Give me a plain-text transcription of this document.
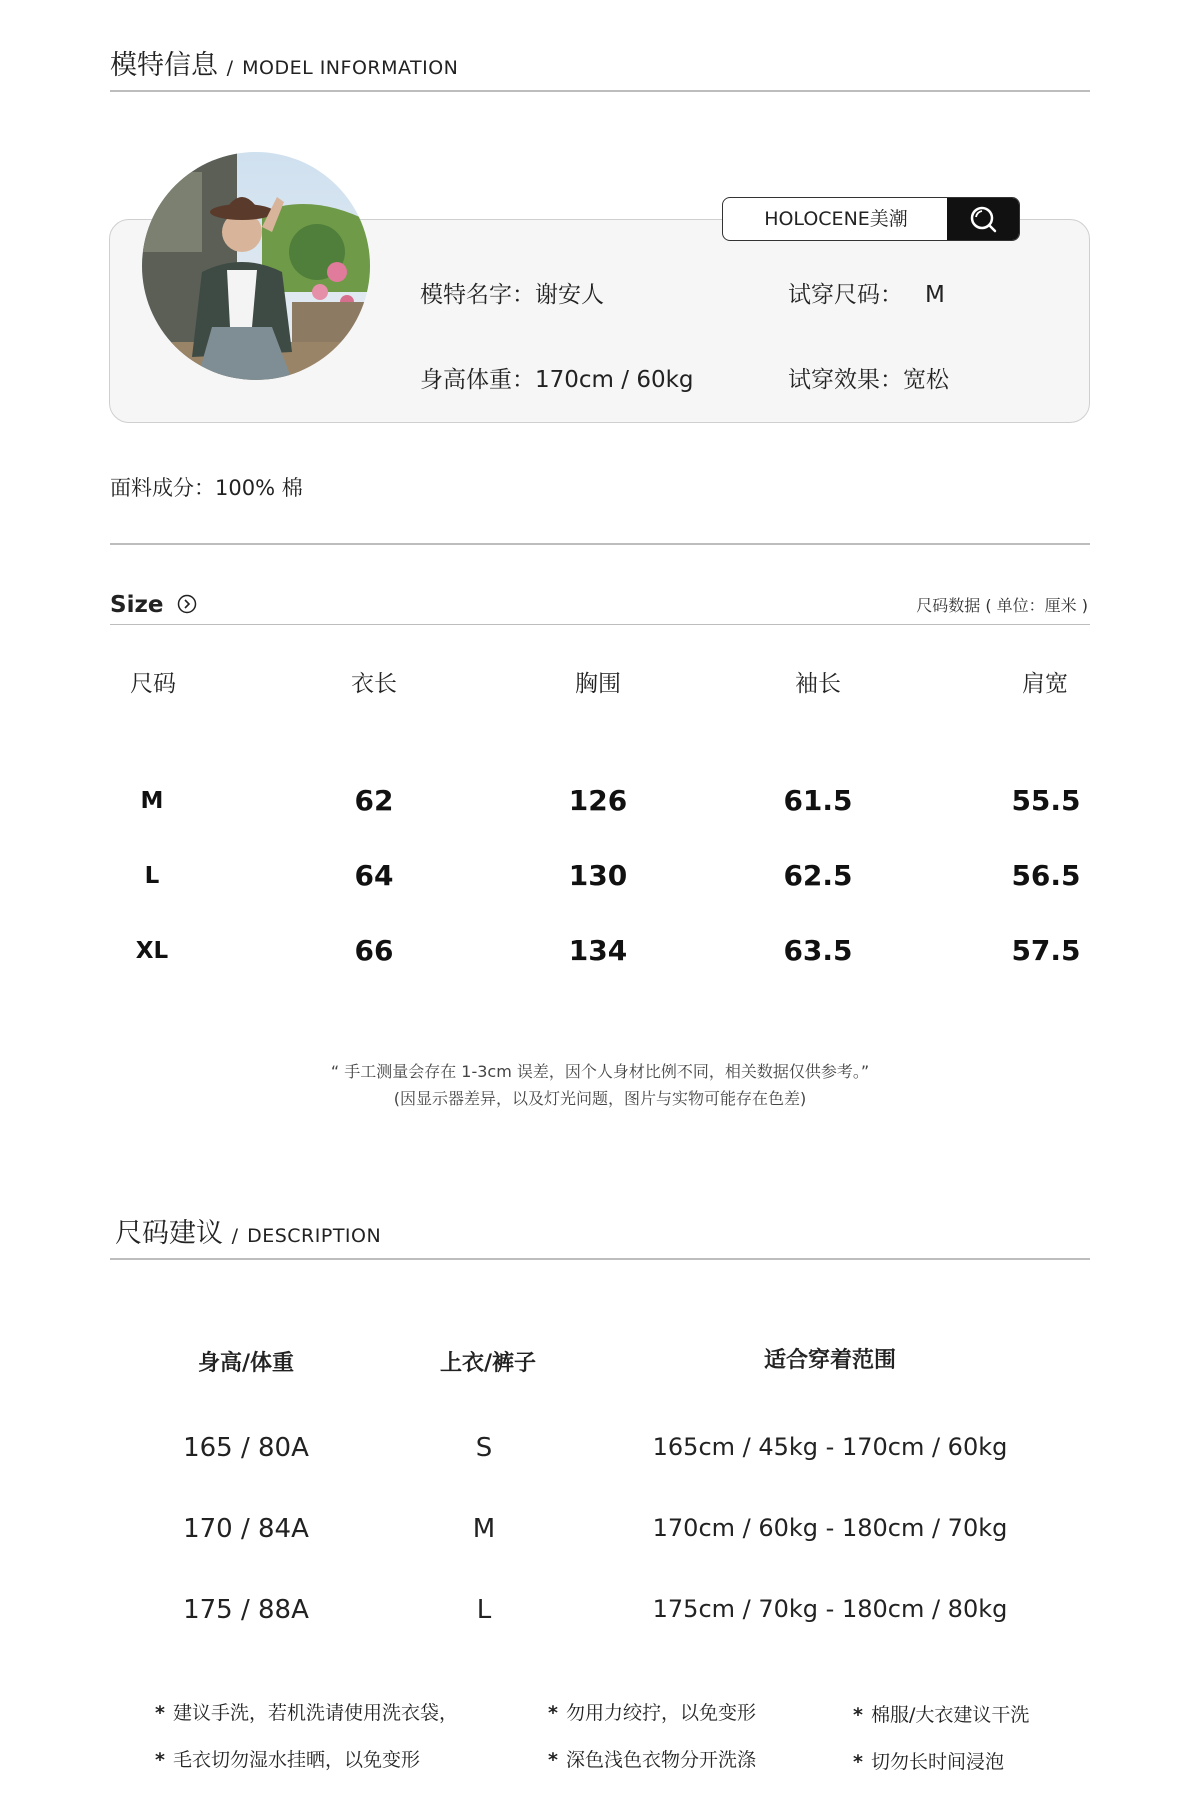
模特信息 / MODEL INFORMATION
HOLOCENE美潮
模特名字：谢安人
身高体重：170cm / 60kg
试穿尺码： M
试穿效果：宽松
面料成分：100% 棉
Size	尺码数据 ( 单位：厘米 )
尺码	衣长	胸围	袖长	肩宽
M	62	126	61.5	55.5
L	64	130	62.5	56.5
XL	66	134	63.5	57.5
“ 手工测量会存在 1-3cm 误差，因个人身材比例不同，相关数据仅供参考。”
(因显示器差异，以及灯光问题，图片与实物可能存在色差)
尺码建议 / DESCRIPTION
身高/体重	上衣/裤子	适合穿着范围
165 / 80A	S	165cm / 45kg - 170cm / 60kg
170 / 84A	M	170cm / 60kg - 180cm / 70kg
175 / 88A	L	175cm / 70kg - 180cm / 80kg
* 建议手洗，若机洗请使用洗衣袋，	* 勿用力绞拧，以免变形	* 棉服/大衣建议干洗
* 毛衣切勿湿水挂晒，以免变形	* 深色浅色衣物分开洗涤	* 切勿长时间浸泡
